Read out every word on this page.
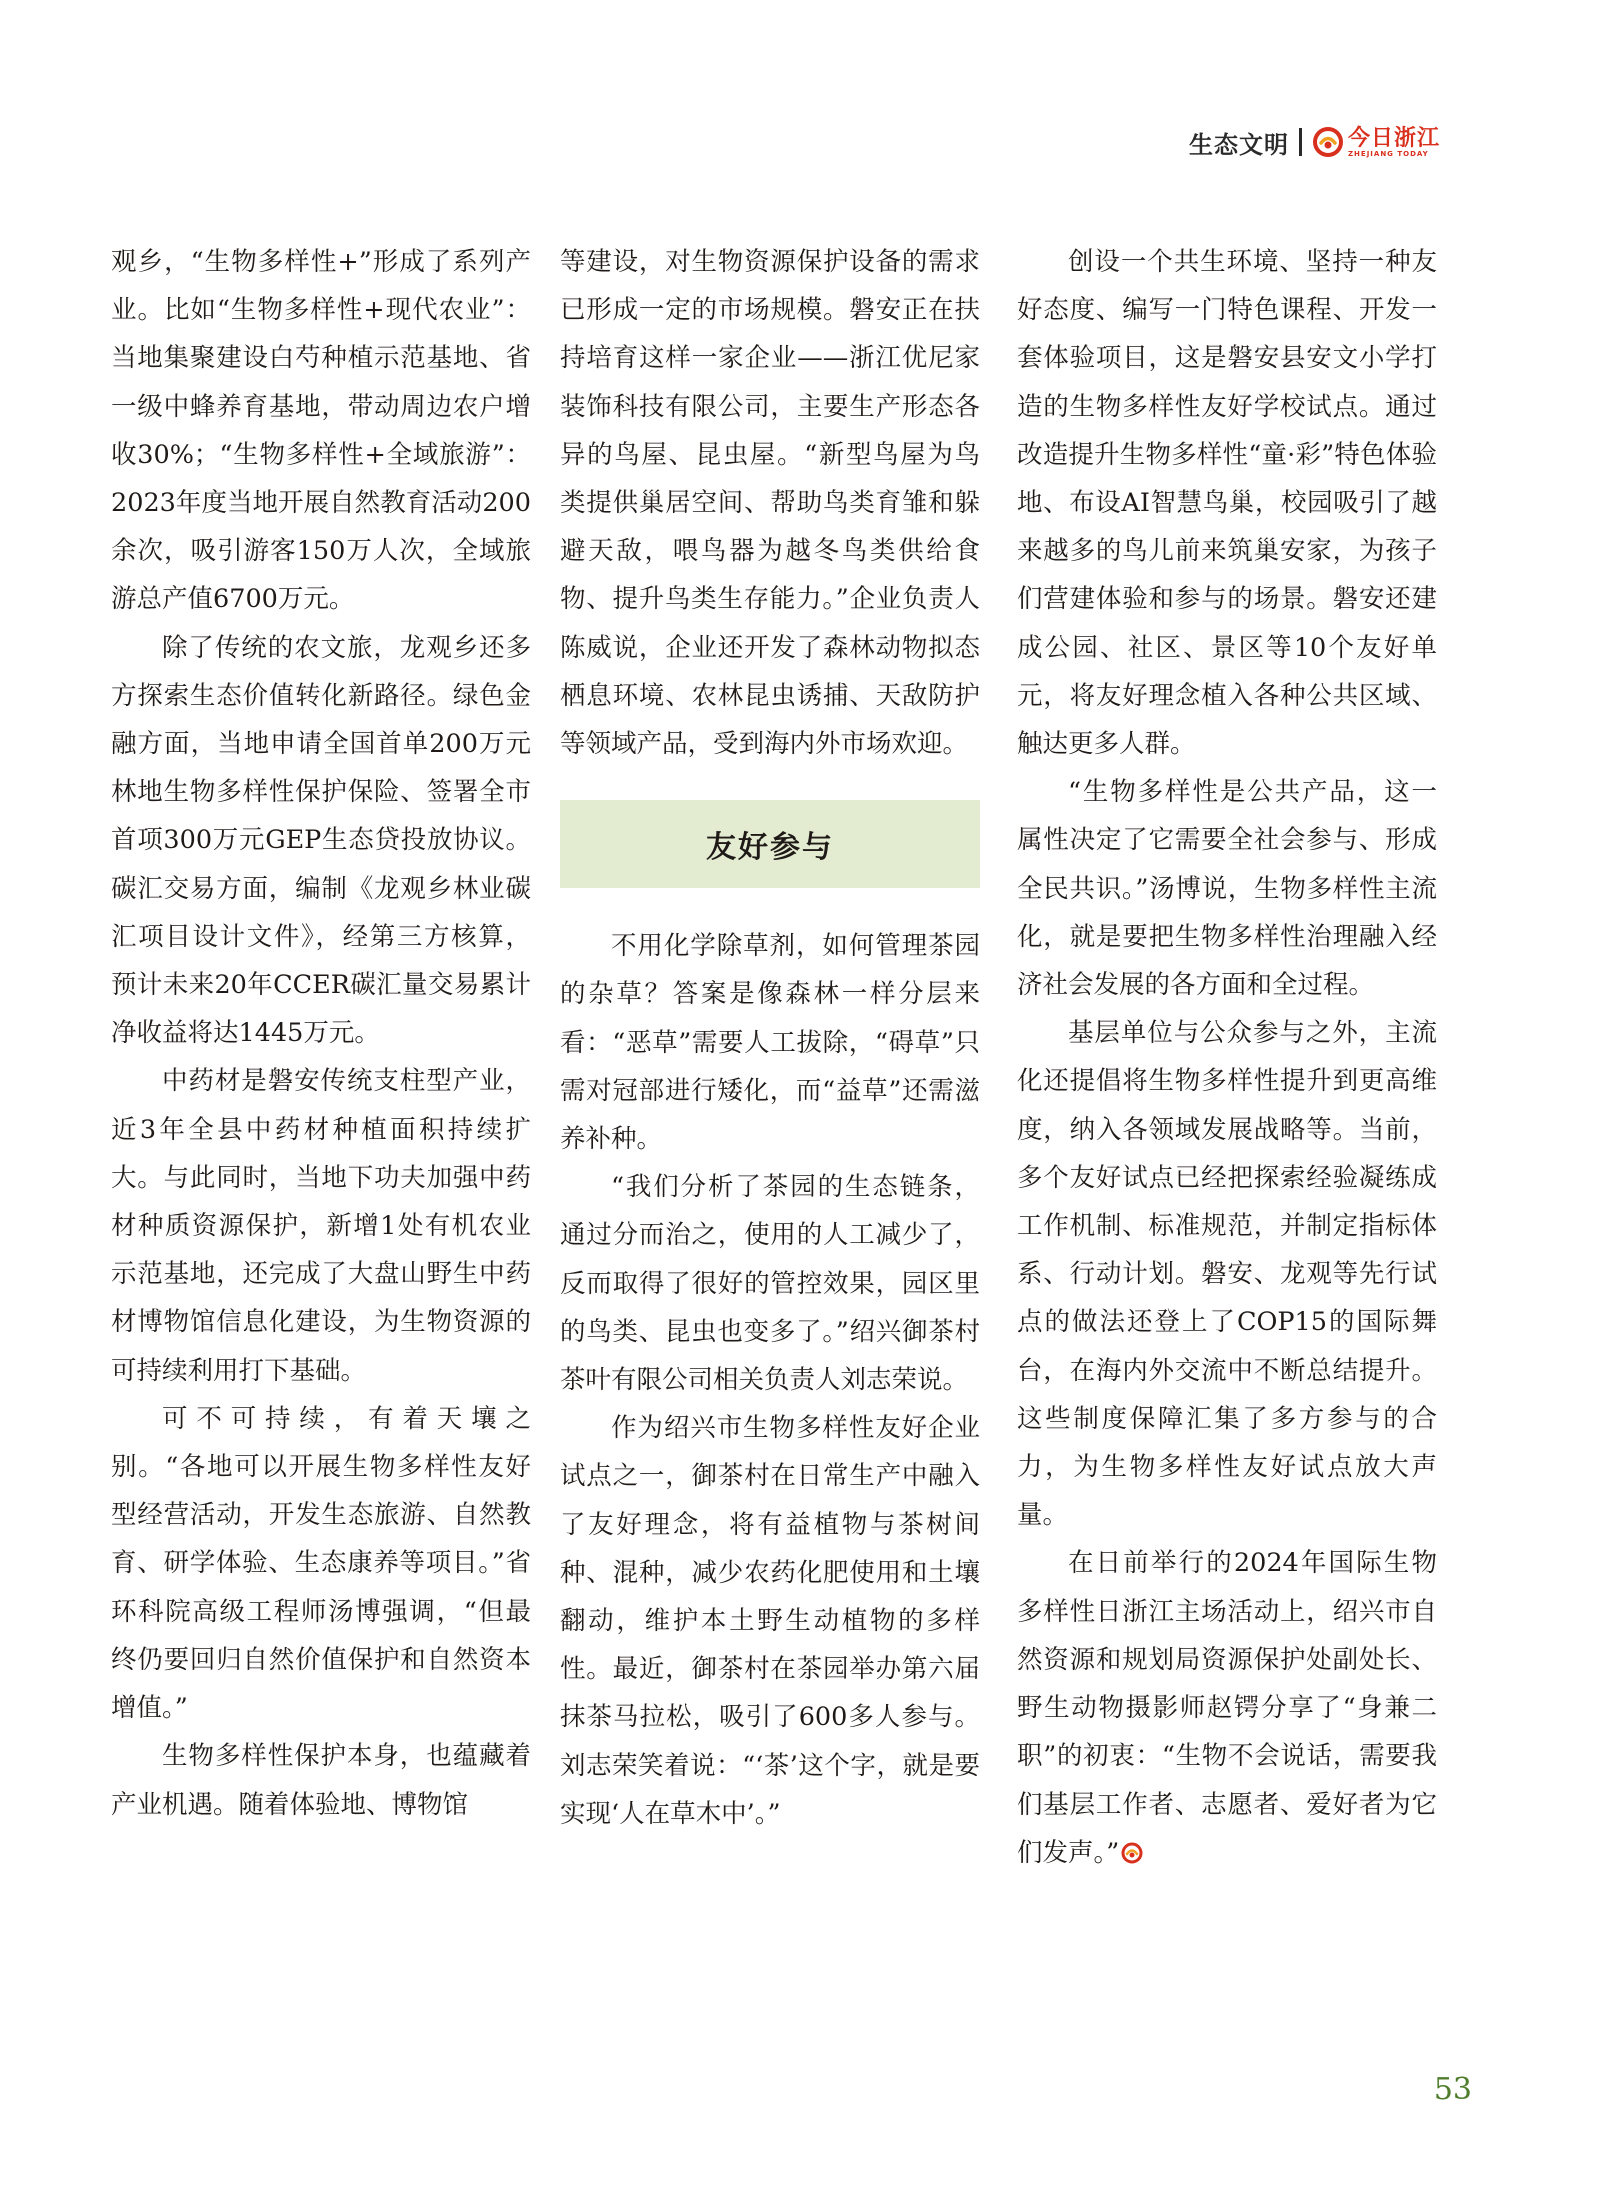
生态文明	今日浙江
ZHEJIANG TODAY

观乡，“生物多样性+”形成了系列产业。比如“生物多样性+现代农业”：当地集聚建设白芍种植示范基地、省一级中蜂养育基地，带动周边农户增收30%；“生物多样性+全域旅游”：2023年度当地开展自然教育活动200余次，吸引游客150万人次，全域旅游总产值6700万元。

除了传统的农文旅，龙观乡还多方探索生态价值转化新路径。绿色金融方面，当地申请全国首单200万元林地生物多样性保护保险、签署全市首项300万元GEP生态贷投放协议。碳汇交易方面，编制《龙观乡林业碳汇项目设计文件》，经第三方核算，预计未来20年CCER碳汇量交易累计净收益将达1445万元。

中药材是磐安传统支柱型产业，近3年全县中药材种植面积持续扩大。与此同时，当地下功夫加强中药材种质资源保护，新增1处有机农业示范基地，还完成了大盘山野生中药材博物馆信息化建设，为生物资源的可持续利用打下基础。

可不可持续，有着天壤之别。“各地可以开展生物多样性友好型经营活动，开发生态旅游、自然教育、研学体验、生态康养等项目。”省环科院高级工程师汤博强调，“但最终仍要回归自然价值保护和自然资本增值。”

生物多样性保护本身，也蕴藏着产业机遇。随着体验地、博物馆

等建设，对生物资源保护设备的需求已形成一定的市场规模。磐安正在扶持培育这样一家企业——浙江优尼家装饰科技有限公司，主要生产形态各异的鸟屋、昆虫屋。“新型鸟屋为鸟类提供巢居空间、帮助鸟类育雏和躲避天敌，喂鸟器为越冬鸟类供给食物、提升鸟类生存能力。”企业负责人陈威说，企业还开发了森林动物拟态栖息环境、农林昆虫诱捕、天敌防护等领域产品，受到海内外市场欢迎。

友好参与

不用化学除草剂，如何管理茶园的杂草？答案是像森林一样分层来看：“恶草”需要人工拔除，“碍草”只需对冠部进行矮化，而“益草”还需滋养补种。

“我们分析了茶园的生态链条，通过分而治之，使用的人工减少了，反而取得了很好的管控效果，园区里的鸟类、昆虫也变多了。”绍兴御茶村茶叶有限公司相关负责人刘志荣说。

作为绍兴市生物多样性友好企业试点之一，御茶村在日常生产中融入了友好理念，将有益植物与茶树间种、混种，减少农药化肥使用和土壤翻动，维护本土野生动植物的多样性。最近，御茶村在茶园举办第六届抹茶马拉松，吸引了600多人参与。刘志荣笑着说：“‘茶’这个字，就是要实现‘人在草木中’。”

创设一个共生环境、坚持一种友好态度、编写一门特色课程、开发一套体验项目，这是磐安县安文小学打造的生物多样性友好学校试点。通过改造提升生物多样性“童·彩”特色体验地、布设AI智慧鸟巢，校园吸引了越来越多的鸟儿前来筑巢安家，为孩子们营建体验和参与的场景。磐安还建成公园、社区、景区等10个友好单元，将友好理念植入各种公共区域、触达更多人群。

“生物多样性是公共产品，这一属性决定了它需要全社会参与、形成全民共识。”汤博说，生物多样性主流化，就是要把生物多样性治理融入经济社会发展的各方面和全过程。

基层单位与公众参与之外，主流化还提倡将生物多样性提升到更高维度，纳入各领域发展战略等。当前，多个友好试点已经把探索经验凝练成工作机制、标准规范，并制定指标体系、行动计划。磐安、龙观等先行试点的做法还登上了COP15的国际舞台，在海内外交流中不断总结提升。这些制度保障汇集了多方参与的合力，为生物多样性友好试点放大声量。

在日前举行的2024年国际生物多样性日浙江主场活动上，绍兴市自然资源和规划局资源保护处副处长、野生动物摄影师赵锷分享了“身兼二职”的初衷：“生物不会说话，需要我们基层工作者、志愿者、爱好者为它们发声。”

53
